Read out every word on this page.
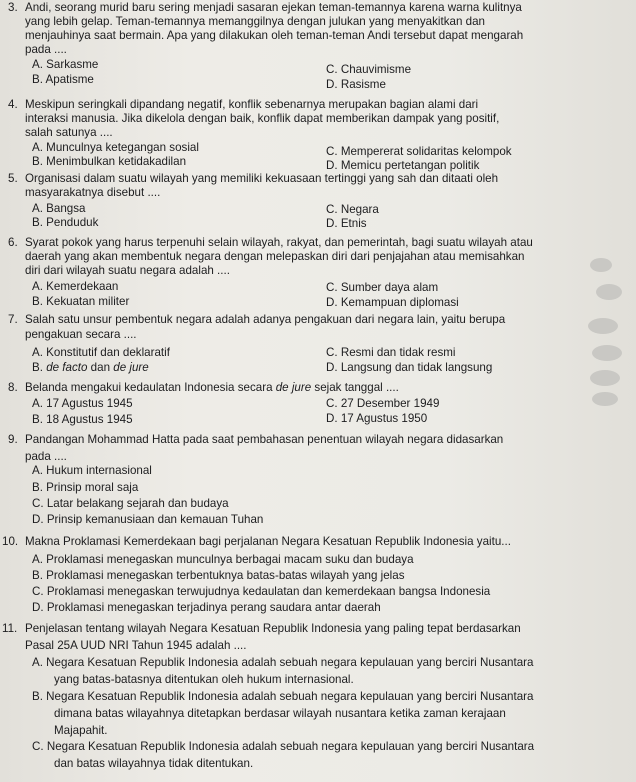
3. Andi, seorang murid baru sering menjadi sasaran ejekan teman-temannya karena warna kulitnya
yang lebih gelap. Teman-temannya memanggilnya dengan julukan yang menyakitkan dan
menjauhinya saat bermain. Apa yang dilakukan oleh teman-teman Andi tersebut dapat mengarah
pada ....
A. Sarkasme	C. Chauvimisme
B. Apatisme	D. Rasisme
4. Meskipun seringkali dipandang negatif, konflik sebenarnya merupakan bagian alami dari
interaksi manusia. Jika dikelola dengan baik, konflik dapat memberikan dampak yang positif,
salah satunya ....
A. Munculnya ketegangan sosial	C. Mempererat solidaritas kelompok
B. Menimbulkan ketidakadilan	D. Memicu pertetangan politik
5. Organisasi dalam suatu wilayah yang memiliki kekuasaan tertinggi yang sah dan ditaati oleh
masyarakatnya disebut ....
A. Bangsa	C. Negara
B. Penduduk	D. Etnis
6. Syarat pokok yang harus terpenuhi selain wilayah, rakyat, dan pemerintah, bagi suatu wilayah atau
daerah yang akan membentuk negara dengan melepaskan diri dari penjajahan atau memisahkan
diri dari wilayah suatu negara adalah ....
A. Kemerdekaan	C. Sumber daya alam
B. Kekuatan militer	D. Kemampuan diplomasi
7. Salah satu unsur pembentuk negara adalah adanya pengakuan dari negara lain, yaitu berupa
pengakuan secara ....
A. Konstitutif dan deklaratif	C. Resmi dan tidak resmi
B. de facto dan de jure	D. Langsung dan tidak langsung
8. Belanda mengakui kedaulatan Indonesia secara de jure sejak tanggal ....
A. 17 Agustus 1945	C. 27 Desember 1949
B. 18 Agustus 1945	D. 17 Agustus 1950
9. Pandangan Mohammad Hatta pada saat pembahasan penentuan wilayah negara didasarkan
pada ....
A. Hukum internasional
B. Prinsip moral saja
C. Latar belakang sejarah dan budaya
D. Prinsip kemanusiaan dan kemauan Tuhan
10. Makna Proklamasi Kemerdekaan bagi perjalanan Negara Kesatuan Republik Indonesia yaitu...
A. Proklamasi menegaskan munculnya berbagai macam suku dan budaya
B. Proklamasi menegaskan terbentuknya batas-batas wilayah yang jelas
C. Proklamasi menegaskan terwujudnya kedaulatan dan kemerdekaan bangsa Indonesia
D. Proklamasi menegaskan terjadinya perang saudara antar daerah
11. Penjelasan tentang wilayah Negara Kesatuan Republik Indonesia yang paling tepat berdasarkan
Pasal 25A UUD NRI Tahun 1945 adalah ....
A. Negara Kesatuan Republik Indonesia adalah sebuah negara kepulauan yang berciri Nusantara
yang batas-batasnya ditentukan oleh hukum internasional.
B. Negara Kesatuan Republik Indonesia adalah sebuah negara kepulauan yang berciri Nusantara
dimana batas wilayahnya ditetapkan berdasar wilayah nusantara ketika zaman kerajaan
Majapahit.
C. Negara Kesatuan Republik Indonesia adalah sebuah negara kepulauan yang berciri Nusantara
dan batas wilayahnya tidak ditentukan.
